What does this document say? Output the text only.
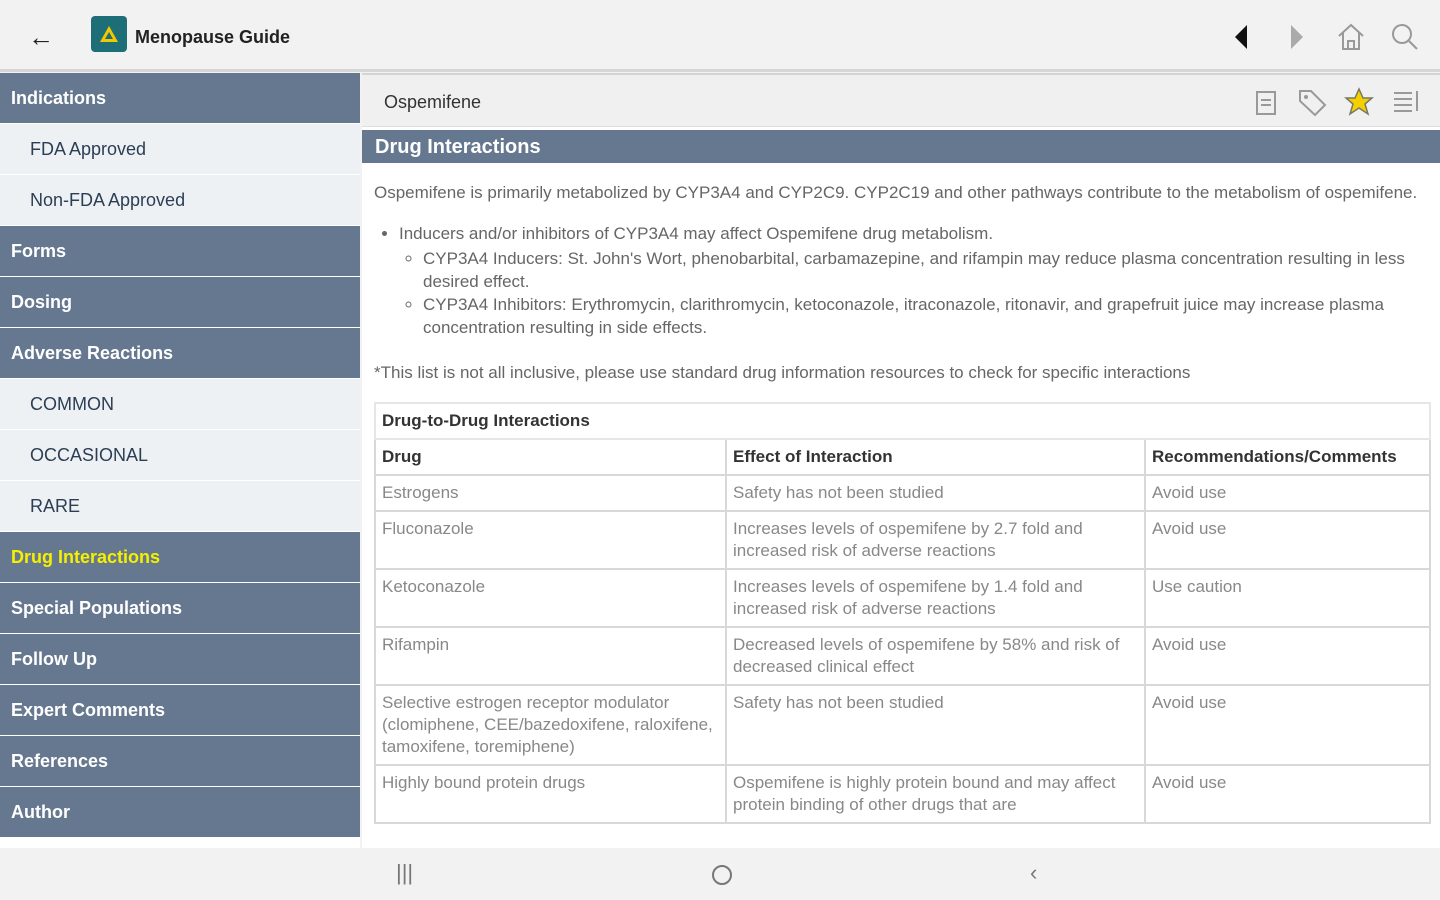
←	Menopause Guide
Indications
FDA Approved
Non-FDA Approved
Forms
Dosing
Adverse Reactions
COMMON
OCCASIONAL
RARE
Drug Interactions
Special Populations
Follow Up
Expert Comments
References
Author
Ospemifene
Drug Interactions

Ospemifene is primarily metabolized by CYP3A4 and CYP2C9. CYP2C19 and other pathways contribute to the metabolism of ospemifene.

• Inducers and/or inhibitors of CYP3A4 may affect Ospemifene drug metabolism.
◦ CYP3A4 Inducers: St. John's Wort, phenobarbital, carbamazepine, and rifampin may reduce plasma concentration resulting in less desired effect.
◦ CYP3A4 Inhibitors: Erythromycin, clarithromycin, ketoconazole, itraconazole, ritonavir, and grapefruit juice may increase plasma concentration resulting in side effects.

*This list is not all inclusive, please use standard drug information resources to check for specific interactions

Drug-to-Drug Interactions		
Drug	Effect of Interaction	Recommendations/Comments
Estrogens	Safety has not been studied	Avoid use
Fluconazole	Increases levels of ospemifene by 2.7 fold and increased risk of adverse reactions	Avoid use
Ketoconazole	Increases levels of ospemifene by 1.4 fold and increased risk of adverse reactions	Use caution
Rifampin	Decreased levels of ospemifene by 58% and risk of decreased clinical effect	Avoid use
Selective estrogen receptor modulator (clomiphene, CEE/bazedoxifene, raloxifene, tamoxifene, toremiphene)	Safety has not been studied	Avoid use
Highly bound protein drugs	Ospemifene is highly protein bound and may affect protein binding of other drugs that are	Avoid use
|||	‹
